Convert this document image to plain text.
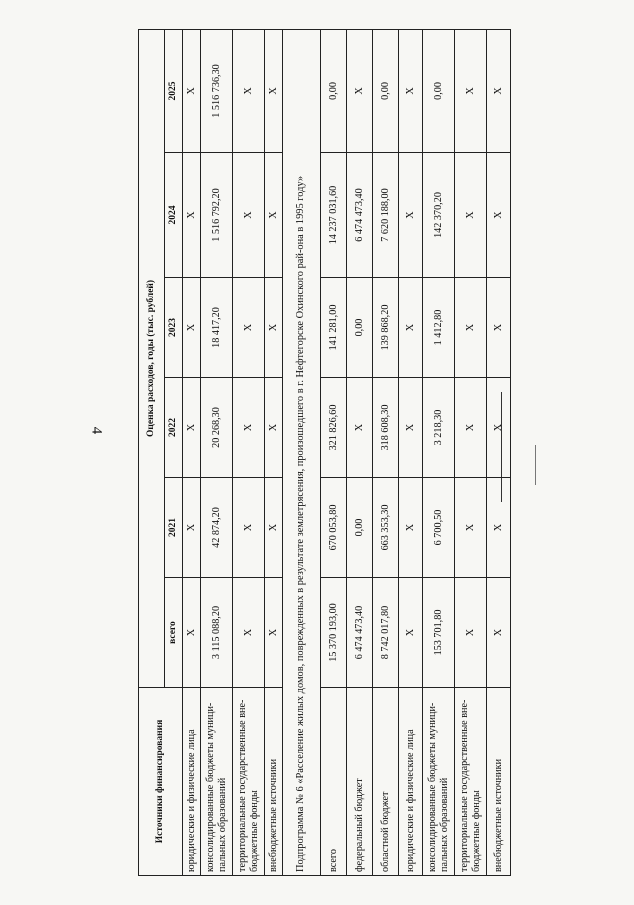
4
Источники финансирования	Оценка расходов, годы (тыс. рублей)					
	всего	2021	2022	2023	2024	2025
юридические и физические лица	Х	Х	Х	Х	Х	Х
консолидированные бюджеты муници-пальных образований	3 115 088,20	42 874,20	20 268,30	18 417,20	1 516 792,20	1 516 736,30
территориальные государственные вне-бюджетные фонды	Х	Х	Х	Х	Х	Х
внебюджетные источники	Х	Х	Х	Х	Х	Х
Подпрограмма № 6 «Расселение жилых домов, поврежденных в результате землетрясения, произошедшего в г. Нефтегорске Охинского рай-она в 1995 году»						
всего	15 370 193,00	670 053,80	321 826,60	141 281,00	14 237 031,60	0,00
федеральный бюджет	6 474 473,40	0,00	Х	0,00	6 474 473,40	Х
областной бюджет	8 742 017,80	663 353,30	318 608,30	139 868,20	7 620 188,00	0,00
юридические и физические лица	Х	Х	Х	Х	Х	Х
консолидированные бюджеты муници-пальных образований	153 701,80	6 700,50	3 218,30	1 412,80	142 370,20	0,00
территориальные государственные вне-бюджетные фонды	Х	Х	Х	Х	Х	Х
внебюджетные источники	Х	Х	Х	Х	Х	Х
